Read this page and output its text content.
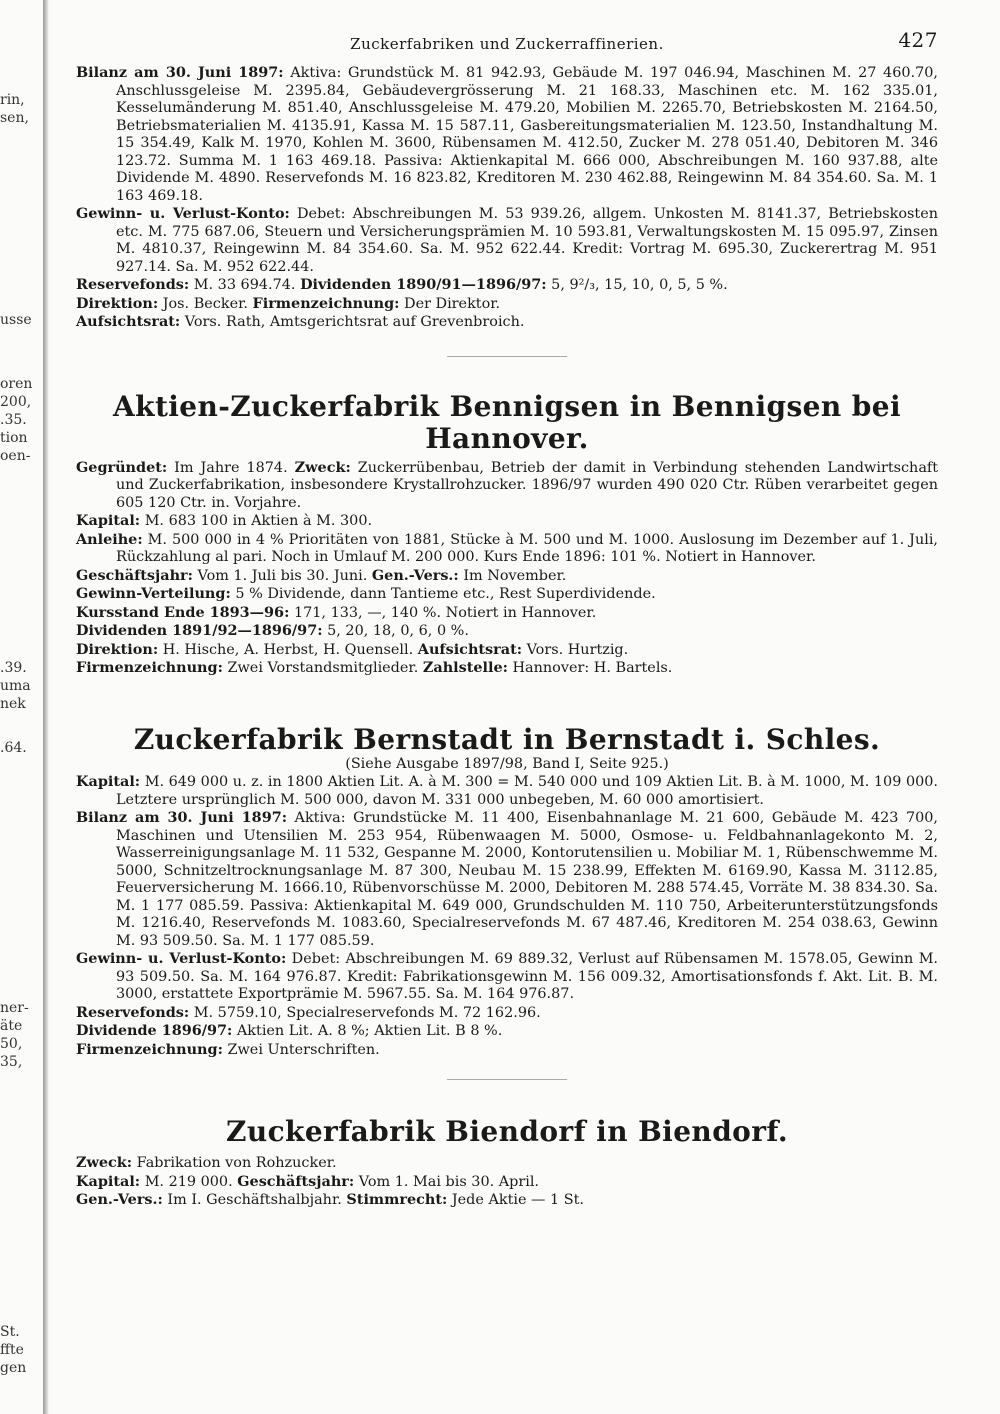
rin,
sen,
usse
oren
200,
.35.
tion
oen-
.39.
uma
nek
.64.
ner-
äte
50,
35,
St.
ffte
gen
Zuckerfabriken und Zuckerraffinerien.	427

Bilanz am 30. Juni 1897: Aktiva: Grundstück M. 81 942.93, Gebäude M. 197 046.94, Maschinen M. 27 460.70, Anschlussgeleise M. 2395.84, Gebäudevergrösserung M. 21 168.33, Maschinen etc. M. 162 335.01, Kesselumänderung M. 851.40, Anschlussgeleise M. 479.20, Mobilien M. 2265.70, Betriebskosten M. 2164.50, Betriebsmaterialien M. 4135.91, Kassa M. 15 587.11, Gasbereitungsmaterialien M. 123.50, Instandhaltung M. 15 354.49, Kalk M. 1970, Kohlen M. 3600, Rübensamen M. 412.50, Zucker M. 278 051.40, Debitoren M. 346 123.72. Summa M. 1 163 469.18. Passiva: Aktienkapital M. 666 000, Abschreibungen M. 160 937.88, alte Dividende M. 4890. Reservefonds M. 16 823.82, Kreditoren M. 230 462.88, Reingewinn M. 84 354.60. Sa. M. 1 163 469.18.

Gewinn- u. Verlust-Konto: Debet: Abschreibungen M. 53 939.26, allgem. Unkosten M. 8141.37, Betriebskosten etc. M. 775 687.06, Steuern und Versicherungsprämien M. 10 593.81, Verwaltungskosten M. 15 095.97, Zinsen M. 4810.37, Reingewinn M. 84 354.60. Sa. M. 952 622.44. Kredit: Vortrag M. 695.30, Zuckerertrag M. 951 927.14. Sa. M. 952 622.44.

Reservefonds: M. 33 694.74. Dividenden 1890/91—1896/97: 5, 9²/₃, 15, 10, 0, 5, 5 %.

Direktion: Jos. Becker. Firmenzeichnung: Der Direktor.

Aufsichtsrat: Vors. Rath, Amtsgerichtsrat auf Grevenbroich.

Aktien-Zuckerfabrik Bennigsen in Bennigsen bei Hannover.

Gegründet: Im Jahre 1874. Zweck: Zuckerrübenbau, Betrieb der damit in Verbindung stehenden Landwirtschaft und Zuckerfabrikation, insbesondere Krystallrohzucker. 1896/97 wurden 490 020 Ctr. Rüben verarbeitet gegen 605 120 Ctr. in. Vorjahre.

Kapital: M. 683 100 in Aktien à M. 300.

Anleihe: M. 500 000 in 4 % Prioritäten von 1881, Stücke à M. 500 und M. 1000. Auslosung im Dezember auf 1. Juli, Rückzahlung al pari. Noch in Umlauf M. 200 000. Kurs Ende 1896: 101 %. Notiert in Hannover.

Geschäftsjahr: Vom 1. Juli bis 30. Juni. Gen.-Vers.: Im November.

Gewinn-Verteilung: 5 % Dividende, dann Tantieme etc., Rest Superdividende.

Kursstand Ende 1893—96: 171, 133, —, 140 %. Notiert in Hannover.

Dividenden 1891/92—1896/97: 5, 20, 18, 0, 6, 0 %.

Direktion: H. Hische, A. Herbst, H. Quensell. Aufsichtsrat: Vors. Hurtzig.

Firmenzeichnung: Zwei Vorstandsmitglieder. Zahlstelle: Hannover: H. Bartels.

Zuckerfabrik Bernstadt in Bernstadt i. Schles.

(Siehe Ausgabe 1897/98, Band I, Seite 925.)

Kapital: M. 649 000 u. z. in 1800 Aktien Lit. A. à M. 300 = M. 540 000 und 109 Aktien Lit. B. à M. 1000, M. 109 000. Letztere ursprünglich M. 500 000, davon M. 331 000 unbegeben, M. 60 000 amortisiert.

Bilanz am 30. Juni 1897: Aktiva: Grundstücke M. 11 400, Eisenbahnanlage M. 21 600, Gebäude M. 423 700, Maschinen und Utensilien M. 253 954, Rübenwaagen M. 5000, Osmose- u. Feldbahnanlagekonto M. 2, Wasserreinigungsanlage M. 11 532, Gespanne M. 2000, Kontorutensilien u. Mobiliar M. 1, Rübenschwemme M. 5000, Schnitzeltrocknungsanlage M. 87 300, Neubau M. 15 238.99, Effekten M. 6169.90, Kassa M. 3112.85, Feuerversicherung M. 1666.10, Rübenvorschüsse M. 2000, Debitoren M. 288 574.45, Vorräte M. 38 834.30. Sa. M. 1 177 085.59. Passiva: Aktienkapital M. 649 000, Grundschulden M. 110 750, Arbeiterunterstützungsfonds M. 1216.40, Reservefonds M. 1083.60, Specialreservefonds M. 67 487.46, Kreditoren M. 254 038.63, Gewinn M. 93 509.50. Sa. M. 1 177 085.59.

Gewinn- u. Verlust-Konto: Debet: Abschreibungen M. 69 889.32, Verlust auf Rübensamen M. 1578.05, Gewinn M. 93 509.50. Sa. M. 164 976.87. Kredit: Fabrikationsgewinn M. 156 009.32, Amortisationsfonds f. Akt. Lit. B. M. 3000, erstattete Exportprämie M. 5967.55. Sa. M. 164 976.87.

Reservefonds: M. 5759.10, Specialreservefonds M. 72 162.96.

Dividende 1896/97: Aktien Lit. A. 8 %; Aktien Lit. B 8 %.

Firmenzeichnung: Zwei Unterschriften.

Zuckerfabrik Biendorf in Biendorf.

Zweck: Fabrikation von Rohzucker.

Kapital: M. 219 000. Geschäftsjahr: Vom 1. Mai bis 30. April.

Gen.-Vers.: Im I. Geschäftshalbjahr. Stimmrecht: Jede Aktie — 1 St.
